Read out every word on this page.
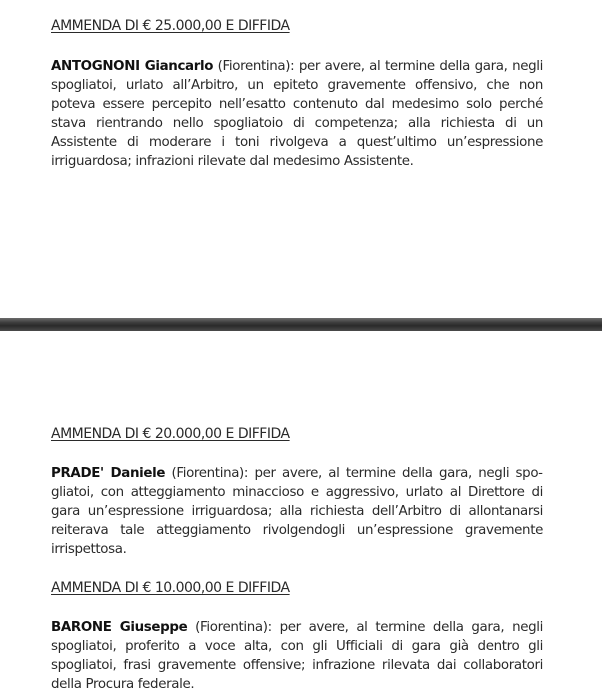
AMMENDA DI € 25.000,00 E DIFFIDA

ANTOGNONI Giancarlo (Fiorentina): per avere, al termine della gara, negli spogliatoi, urlato all’Arbitro, un epiteto gravemente offensivo, che non poteva essere percepito nell’esatto contenuto dal medesimo solo perché stava rientrando nello spogliatoio di competenza; alla richiesta di un Assistente di moderare i toni rivolgeva a quest’ultimo un’espressione irriguardosa; infrazioni rilevate dal medesimo Assistente.

AMMENDA DI € 20.000,00 E DIFFIDA

PRADE' Daniele (Fiorentina): per avere, al termine della gara, negli spogliatoi, con atteggiamento minaccioso e aggressivo, urlato al Direttore di gara un’espressione irriguardosa; alla richiesta dell’Arbitro di allontanarsi reiterava tale atteggiamento rivolgendogli un’espressione gravemente irrispettosa.

AMMENDA DI € 10.000,00 E DIFFIDA

BARONE Giuseppe (Fiorentina): per avere, al termine della gara, negli spogliatoi, proferito a voce alta, con gli Ufficiali di gara già dentro gli spogliatoi, frasi gravemente offensive; infrazione rilevata dai collaboratori della Procura federale.
